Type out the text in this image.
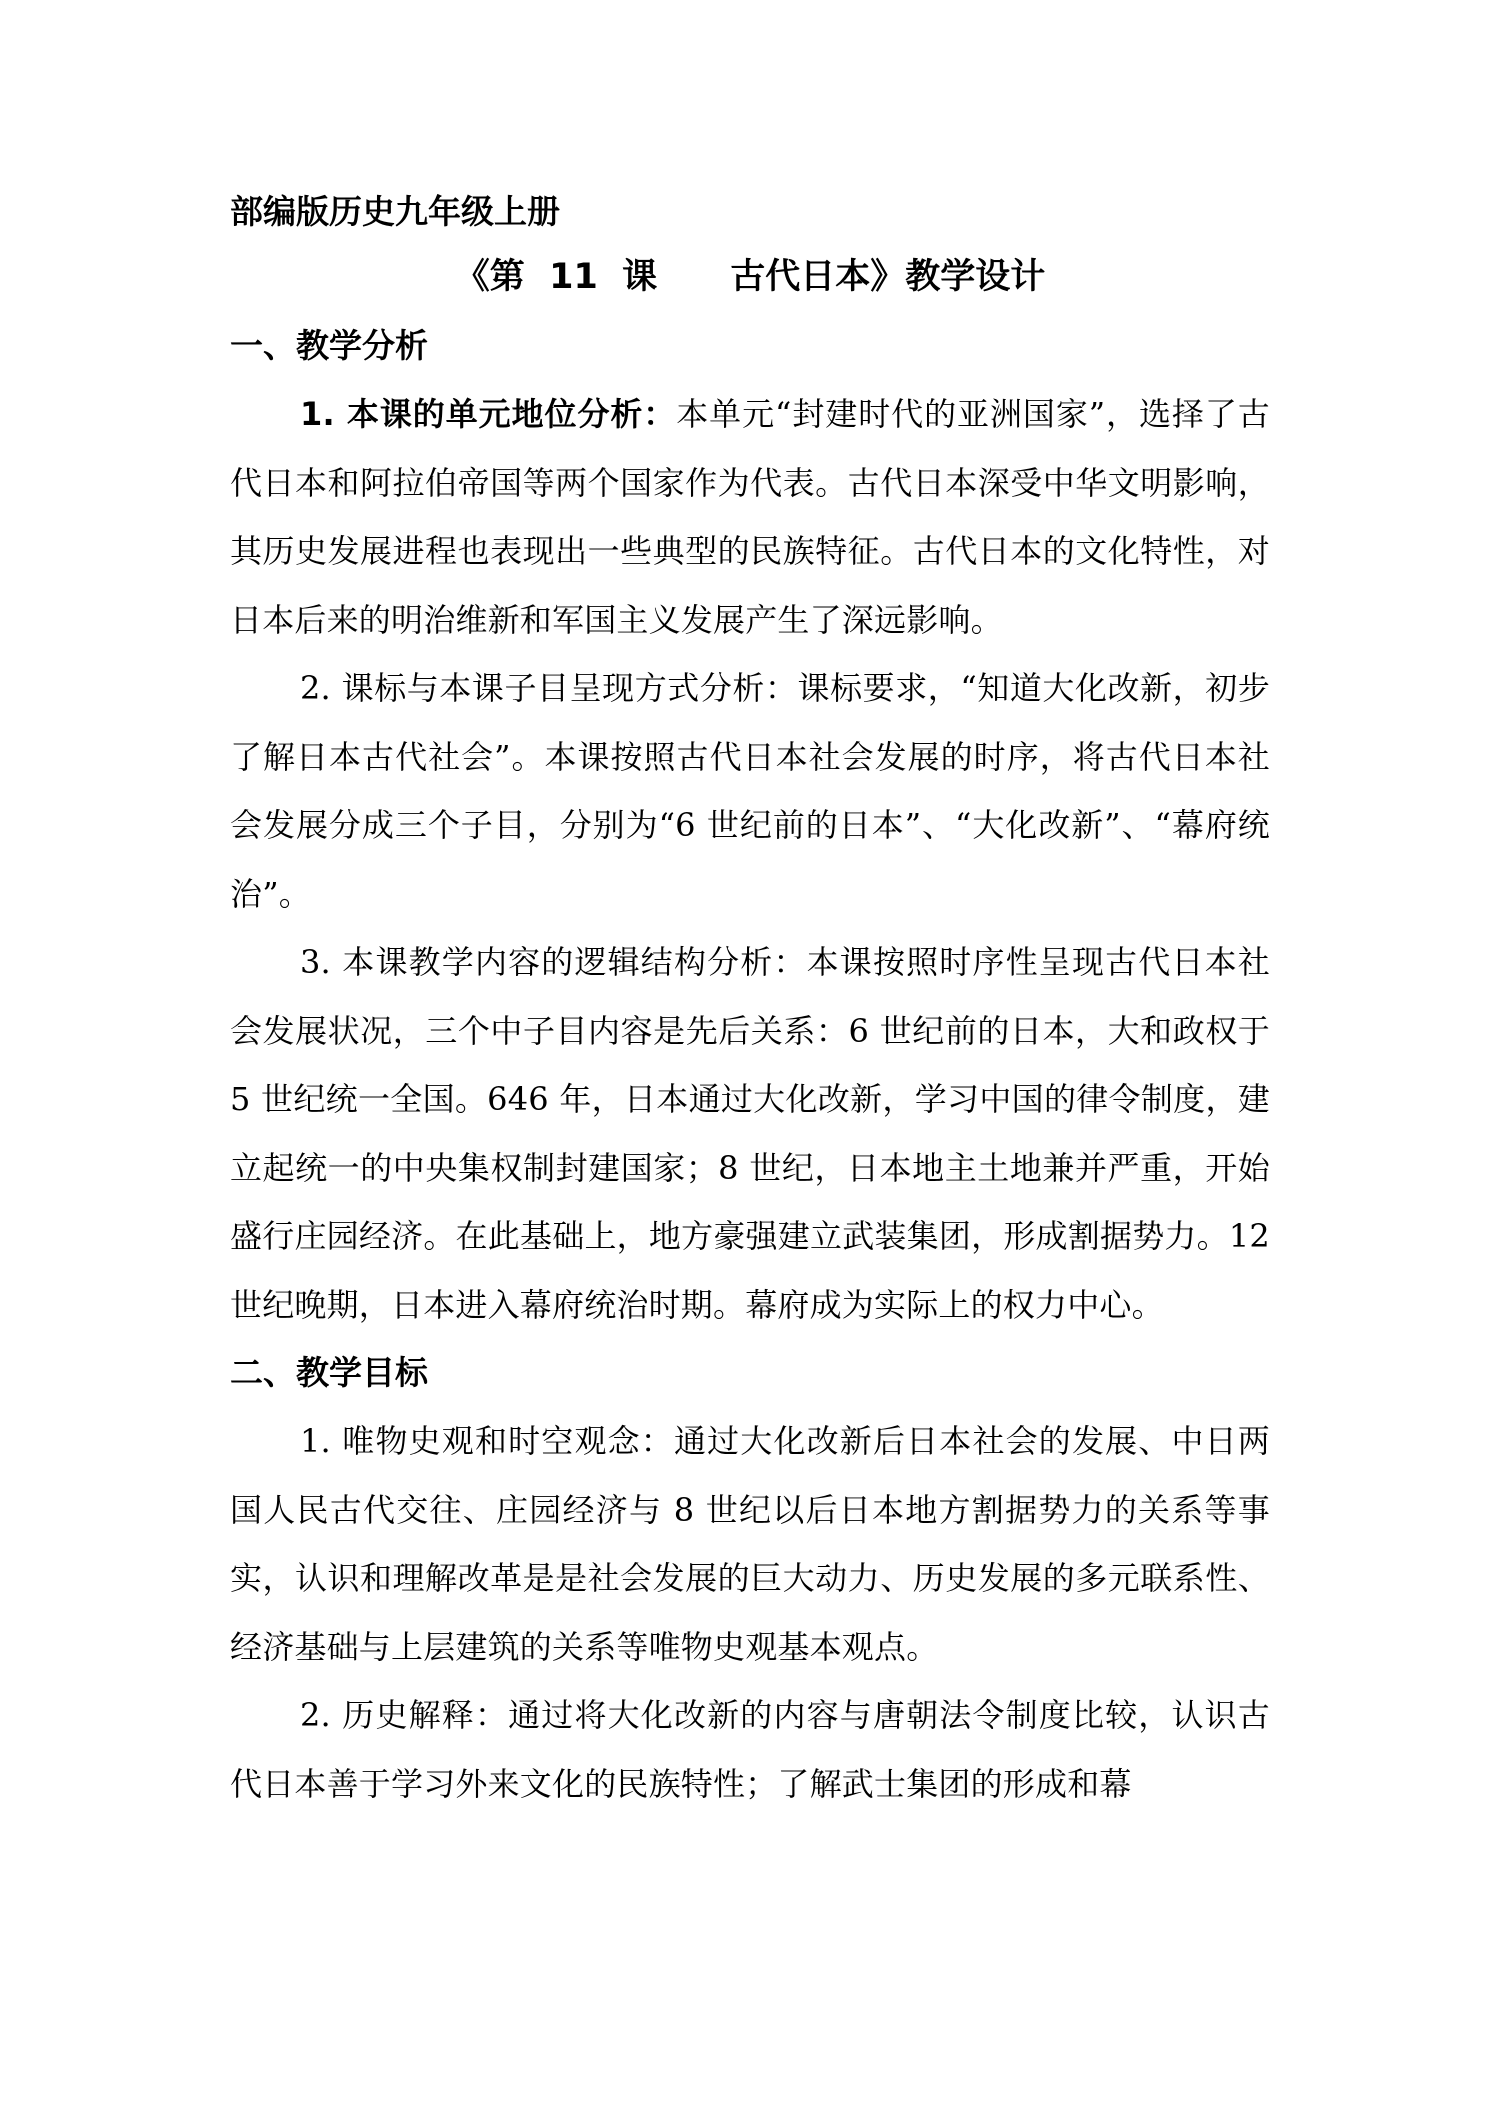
部编版历史九年级上册

《第  11  课      古代日本》教学设计

一、教学分析

1. 本课的单元地位分析：本单元“封建时代的亚洲国家”，选择了古代日本和阿拉伯帝国等两个国家作为代表。古代日本深受中华文明影响，其历史发展进程也表现出一些典型的民族特征。古代日本的文化特性，对日本后来的明治维新和军国主义发展产生了深远影响。

2. 课标与本课子目呈现方式分析：课标要求，“知道大化改新，初步了解日本古代社会”。本课按照古代日本社会发展的时序，将古代日本社会发展分成三个子目，分别为“6 世纪前的日本”、“大化改新”、“幕府统治”。

3. 本课教学内容的逻辑结构分析：本课按照时序性呈现古代日本社会发展状况，三个中子目内容是先后关系：6 世纪前的日本，大和政权于 5 世纪统一全国。646 年，日本通过大化改新，学习中国的律令制度，建立起统一的中央集权制封建国家；8 世纪，日本地主土地兼并严重，开始盛行庄园经济。在此基础上，地方豪强建立武装集团，形成割据势力。12 世纪晚期，日本进入幕府统治时期。幕府成为实际上的权力中心。

二、教学目标

1. 唯物史观和时空观念：通过大化改新后日本社会的发展、中日两国人民古代交往、庄园经济与 8 世纪以后日本地方割据势力的关系等事实，认识和理解改革是是社会发展的巨大动力、历史发展的多元联系性、经济基础与上层建筑的关系等唯物史观基本观点。

2. 历史解释：通过将大化改新的内容与唐朝法令制度比较，认识古代日本善于学习外来文化的民族特性；了解武士集团的形成和幕
